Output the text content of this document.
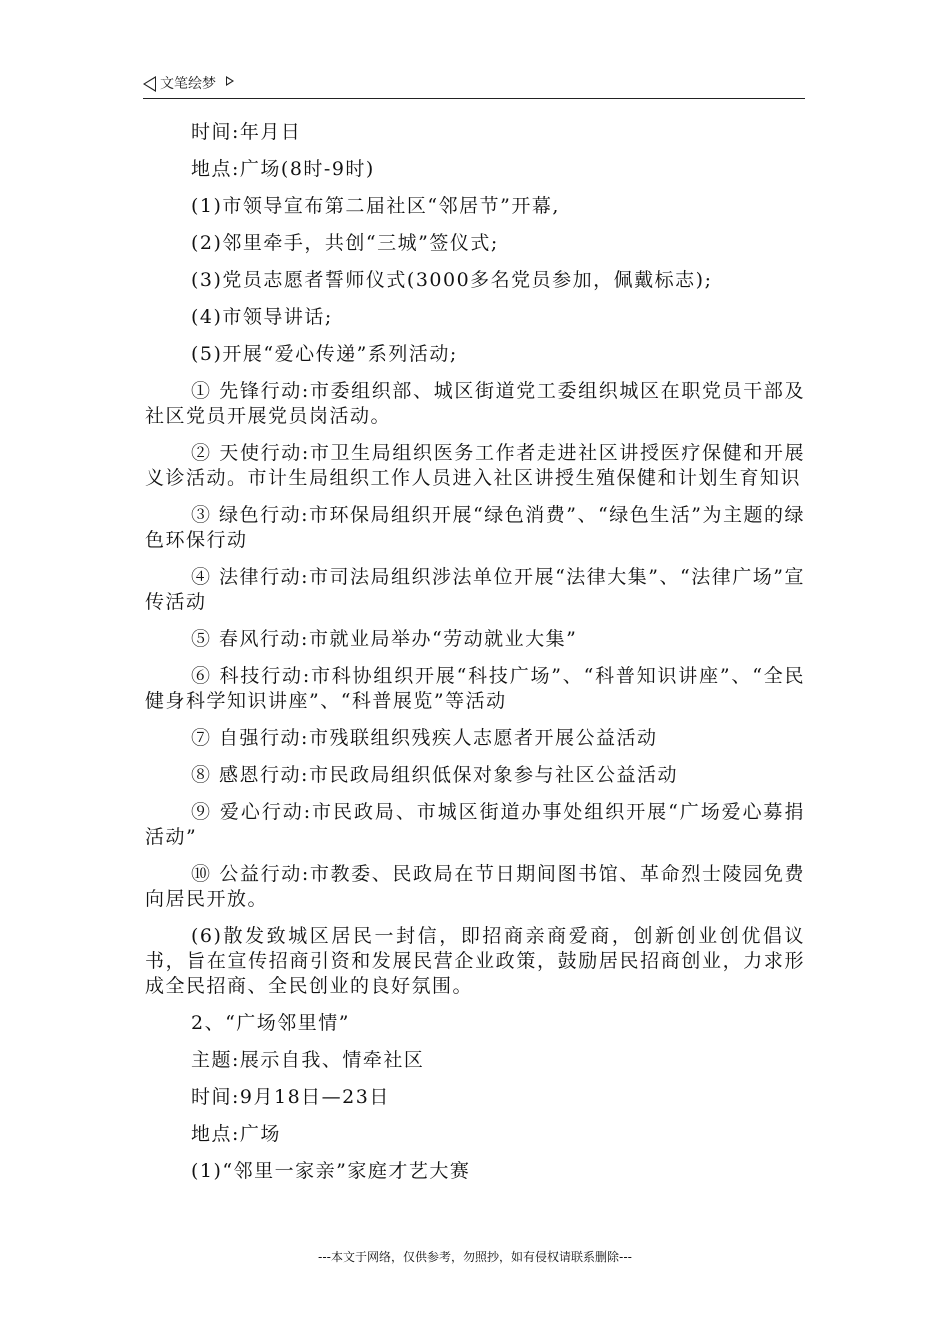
文笔绘梦

时间:年月日

地点:广场(8时-9时)

(1)市领导宣布第二届社区“邻居节”开幕,

(2)邻里牵手，共创“三城”签仪式;

(3)党员志愿者誓师仪式(3000多名党员参加，佩戴标志);

(4)市领导讲话;

(5)开展“爱心传递”系列活动;

① 先锋行动:市委组织部、城区街道党工委组织城区在职党员干部及社区党员开展党员岗活动。

② 天使行动:市卫生局组织医务工作者走进社区讲授医疗保健和开展义诊活动。市计生局组织工作人员进入社区讲授生殖保健和计划生育知识

③ 绿色行动:市环保局组织开展“绿色消费”、“绿色生活”为主题的绿色环保行动

④ 法律行动:市司法局组织涉法单位开展“法律大集”、“法律广场”宣传活动

⑤ 春风行动:市就业局举办“劳动就业大集”

⑥ 科技行动:市科协组织开展“科技广场”、“科普知识讲座”、“全民健身科学知识讲座”、“科普展览”等活动

⑦ 自强行动:市残联组织残疾人志愿者开展公益活动

⑧ 感恩行动:市民政局组织低保对象参与社区公益活动

⑨ 爱心行动:市民政局、市城区街道办事处组织开展“广场爱心募捐活动”

⑩ 公益行动:市教委、民政局在节日期间图书馆、革命烈士陵园免费向居民开放。

(6)散发致城区居民一封信，即招商亲商爱商，创新创业创优倡议书，旨在宣传招商引资和发展民营企业政策，鼓励居民招商创业，力求形成全民招商、全民创业的良好氛围。

2、“广场邻里情”

主题:展示自我、情牵社区

时间:9月18日—23日

地点:广场

(1)“邻里一家亲”家庭才艺大赛

---本文于网络，仅供参考，勿照抄，如有侵权请联系删除---
